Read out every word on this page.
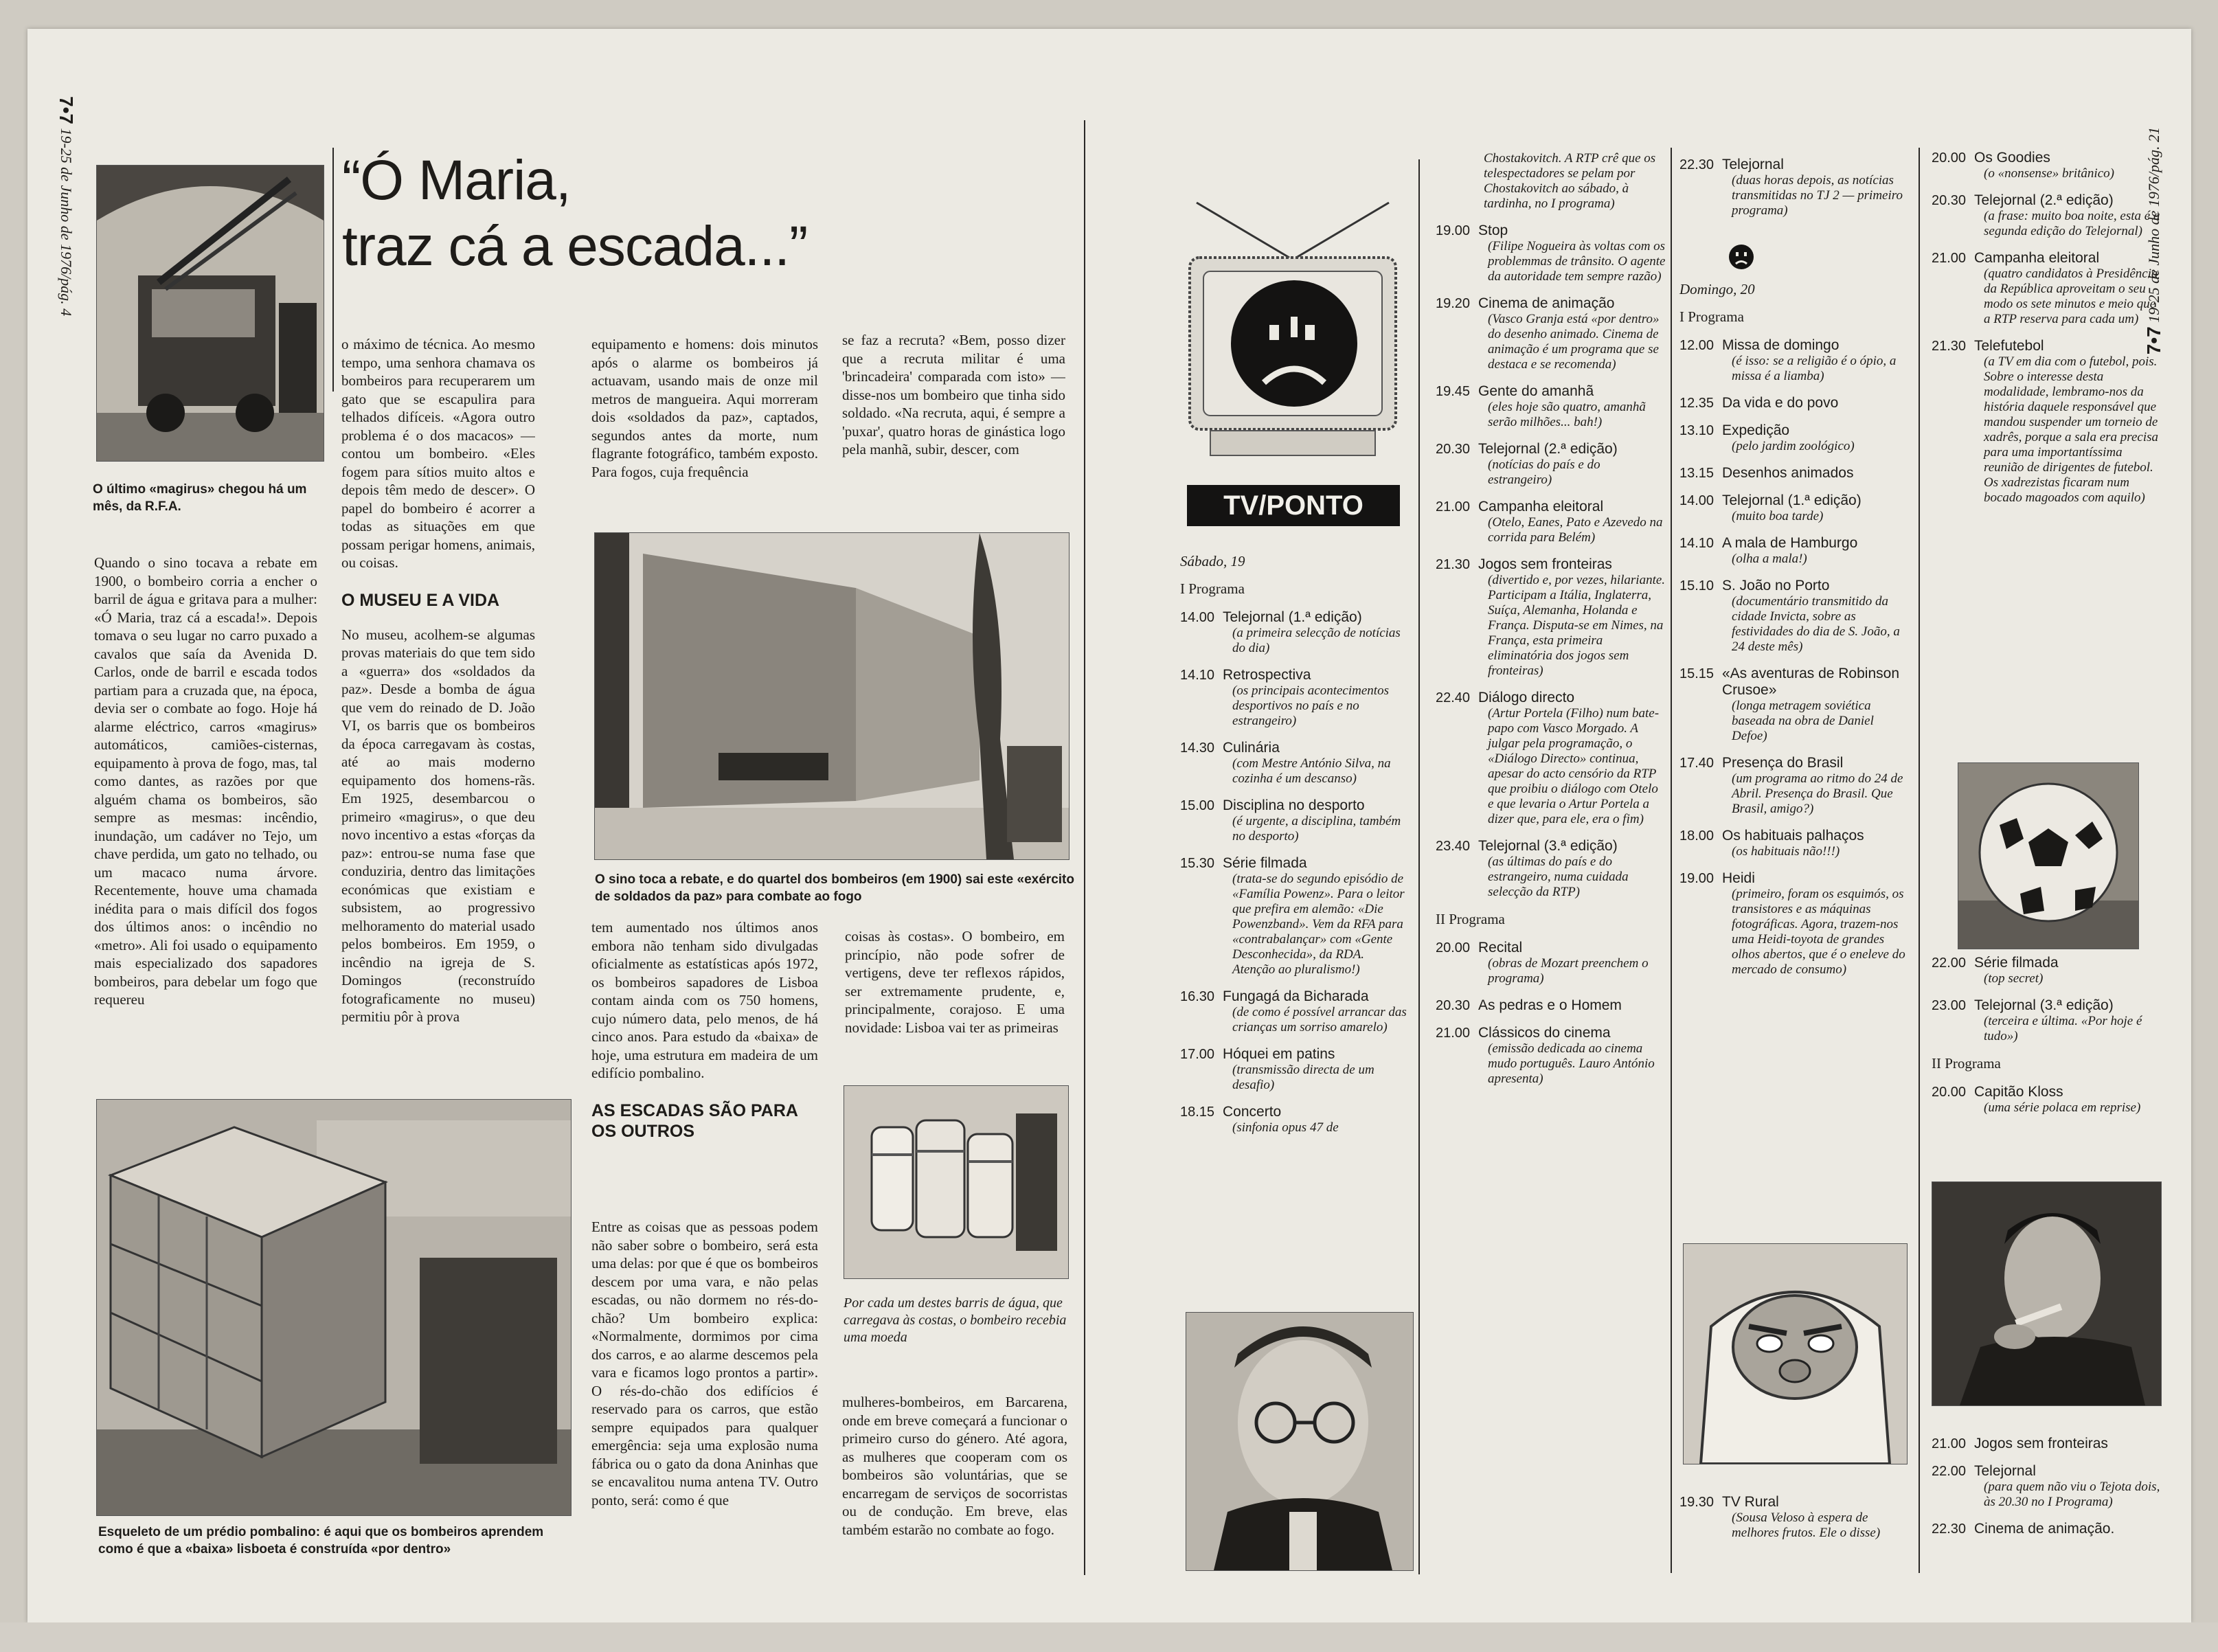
7•7 19-25 de Junho de 1976/pág. 4
O último «magirus» chegou há um mês, da R.F.A.
“Ó Maria,
traz cá a escada...”

Quando o sino tocava a rebate em 1900, o bombeiro corria a encher o barril de água e gritava para a mulher: «Ó Maria, traz cá a escada!». Depois tomava o seu lugar no carro puxado a cavalos que saía da Avenida D. Carlos, onde de barril e escada todos partiam para a cruzada que, na época, devia ser o combate ao fogo. Hoje há alarme eléctrico, carros «magirus» automáticos, camiões-cisternas, equipamento à prova de fogo, mas, tal como dantes, as razões por que alguém chama os bombeiros, são sempre as mesmas: incêndio, inundação, um cadáver no Tejo, um chave perdida, um gato no telhado, ou um macaco numa árvore. Recentemente, houve uma chamada inédita para o mais difícil dos fogos dos últimos anos: o incêndio no «metro». Ali foi usado o equipamento mais especializado dos sapadores bombeiros, para debelar um fogo que requereu

o máximo de técnica. Ao mesmo tempo, uma senhora chamava os bombeiros para recuperarem um gato que se escapulira para telhados difíceis. «Agora outro problema é o dos macacos» — contou um bombeiro. «Eles fogem para sítios muito altos e depois têm medo de descer». O papel do bombeiro é acorrer a todas as situações em que possam perigar homens, animais, ou coisas.

O MUSEU E A VIDA

No museu, acolhem-se algumas provas materiais do que tem sido a «guerra» dos «soldados da paz». Desde a bomba de água que vem do reinado de D. João VI, os barris que os bombeiros da época carregavam às costas, até ao mais moderno equipamento dos homens-rãs. Em 1925, desembarcou o primeiro «magirus», o que deu novo incentivo a estas «forças da paz»: entrou-se numa fase que conduziria, dentro das limitações económicas que existiam e subsistem, ao progressivo melhoramento do material usado pelos bombeiros. Em 1959, o incêndio na igreja de S. Domingos (reconstruído fotograficamente no museu) permitiu pôr à prova

equipamento e homens: dois minutos após o alarme os bombeiros já actuavam, usando mais de onze mil metros de mangueira. Aqui morreram dois «soldados da paz», captados, segundos antes da morte, num flagrante fotográfico, também exposto. Para fogos, cuja frequência

se faz a recruta? «Bem, posso dizer que a recruta militar é uma 'brincadeira' comparada com isto» — disse-nos um bombeiro que tinha sido soldado. «Na recruta, aqui, é sempre a 'puxar', quatro horas de ginástica logo pela manhã, subir, descer, com

O sino toca a rebate, e do quartel dos bombeiros (em 1900) sai este «exército de soldados da paz» para combate ao fogo

tem aumentado nos últimos anos embora não tenham sido divulgadas oficialmente as estatísticas após 1972, os bombeiros sapadores de Lisboa contam ainda com os 750 homens, cujo número data, pelo menos, de há cinco anos. Para estudo da «baixa» de hoje, uma estrutura em madeira de um edifício pombalino.

AS ESCADAS SÃO PARA OS OUTROS

Entre as coisas que as pessoas podem não saber sobre o bombeiro, será esta uma delas: por que é que os bombeiros descem por uma vara, e não pelas escadas, ou não dormem no rés-do-chão? Um bombeiro explica: «Normalmente, dormimos por cima dos carros, e ao alarme descemos pela vara e ficamos logo prontos a partir». O rés-do-chão dos edifícios é reservado para os carros, que estão sempre equipados para qualquer emergência: seja uma explosão numa fábrica ou o gato da dona Aninhas que se encavalitou numa antena TV. Outro ponto, será: como é que

coisas às costas». O bombeiro, em princípio, não pode sofrer de vertigens, deve ter reflexos rápidos, ser extremamente prudente, e, principalmente, corajoso. E uma novidade: Lisboa vai ter as primeiras

Por cada um destes barris de água, que carregava às costas, o bombeiro recebia uma moeda

mulheres-bombeiros, em Barcarena, onde em breve começará a funcionar o primeiro curso do género. Até agora, as mulheres que cooperam com os bombeiros são voluntárias, que se encarregam de serviços de socorristas ou de condução. Em breve, elas também estarão no combate ao fogo.

Esqueleto de um prédio pombalino: é aqui que os bombeiros aprendem como é que a «baixa» lisboeta é construída «por dentro»
7•7 19-25 de Junho de 1976/pág. 21
TV/PONTO
Sábado, 19
I Programa
14.00 Telejornal (1.ª edição)
(a primeira selecção de notícias do dia)
14.10 Retrospectiva
(os principais acontecimentos desportivos no país e no estrangeiro)
14.30 Culinária
(com Mestre António Silva, na cozinha é um descanso)
15.00 Disciplina no desporto
(é urgente, a disciplina, também no desporto)
15.30 Série filmada
(trata-se do segundo episódio de «Família Powenz». Para o leitor que prefira em alemão: «Die Powenzband». Vem da RFA para «contrabalançar» com «Gente Desconhecida», da RDA. Atenção ao pluralismo!)
16.30 Fungagá da Bicharada
(de como é possível arrancar das crianças um sorriso amarelo)
17.00 Hóquei em patins
(transmissão directa de um desafio)
18.15 Concerto
(sinfonia opus 47 de
Chostakovitch. A RTP crê que os telespectadores se pelam por Chostakovitch ao sábado, à tardinha, no I programa)
19.00 Stop
(Filipe Nogueira às voltas com os problemmas de trânsito. O agente da autoridade tem sempre razão)
19.20 Cinema de animação
(Vasco Granja está «por dentro» do desenho animado. Cinema de animação é um programa que se destaca e se recomenda)
19.45 Gente do amanhã
(eles hoje são quatro, amanhã serão milhões... bah!)
20.30 Telejornal (2.ª edição)
(notícias do país e do estrangeiro)
21.00 Campanha eleitoral
(Otelo, Eanes, Pato e Azevedo na corrida para Belém)
21.30 Jogos sem fronteiras
(divertido e, por vezes, hilariante. Participam a Itália, Inglaterra, Suíça, Alemanha, Holanda e França. Disputa-se em Nimes, na França, esta primeira eliminatória dos jogos sem fronteiras)
22.40 Diálogo directo
(Artur Portela (Filho) num bate-papo com Vasco Morgado. A julgar pela programação, o «Diálogo Directo» continua, apesar do acto censório da RTP que proibiu o diálogo com Otelo e que levaria o Artur Portela a dizer que, para ele, era o fim)
23.40 Telejornal (3.ª edição)
(as últimas do país e do estrangeiro, numa cuidada selecção da RTP)
II Programa
20.00 Recital
(obras de Mozart preenchem o programa)
20.30 As pedras e o Homem
21.00 Clássicos do cinema
(emissão dedicada ao cinema mudo português. Lauro António apresenta)
22.30 Telejornal
(duas horas depois, as notícias transmitidas no TJ 2 — primeiro programa)
Domingo, 20
I Programa
12.00 Missa de domingo
(é isso: se a religião é o ópio, a missa é a liamba)
12.35 Da vida e do povo
13.10 Expedição
(pelo jardim zoológico)
13.15 Desenhos animados
14.00 Telejornal (1.ª edição)
(muito boa tarde)
14.10 A mala de Hamburgo
(olha a mala!)
15.10 S. João no Porto
(documentário transmitido da cidade Invicta, sobre as festividades do dia de S. João, a 24 deste mês)
15.15 «As aventuras de Robinson Crusoe»
(longa metragem soviética baseada na obra de Daniel Defoe)
17.40 Presença do Brasil
(um programa ao ritmo do 24 de Abril. Presença do Brasil. Que Brasil, amigo?)
18.00 Os habituais palhaços
(os habituais não!!!)
19.00 Heidi
(primeiro, foram os esquimós, os transistores e as máquinas fotográficas. Agora, trazem-nos uma Heidi-toyota de grandes olhos abertos, que é o eneleve do mercado de consumo)
19.30 TV Rural
(Sousa Veloso à espera de melhores frutos. Ele o disse)
20.00 Os Goodies
(o «nonsense» britânico)
20.30 Telejornal (2.ª edição)
(a frase: muito boa noite, esta é a segunda edição do Telejornal)
21.00 Campanha eleitoral
(quatro candidatos à Presidência da República aproveitam o seu modo os sete minutos e meio que a RTP reserva para cada um)
21.30 Telefutebol
(a TV em dia com o futebol, pois. Sobre o interesse desta modalidade, lembramo-nos da história daquele responsável que mandou suspender um torneio de xadrês, porque a sala era precisa para uma importantíssima reunião de dirigentes de futebol. Os xadrezistas ficaram num bocado magoados com aquilo)
22.00 Série filmada
(top secret)
23.00 Telejornal (3.ª edição)
(terceira e última. «Por hoje é tudo»)
II Programa
20.00 Capitão Kloss
(uma série polaca em reprise)
21.00 Jogos sem fronteiras
22.00 Telejornal
(para quem não viu o Tejota dois, às 20.30 no I Programa)
22.30 Cinema de animação.
